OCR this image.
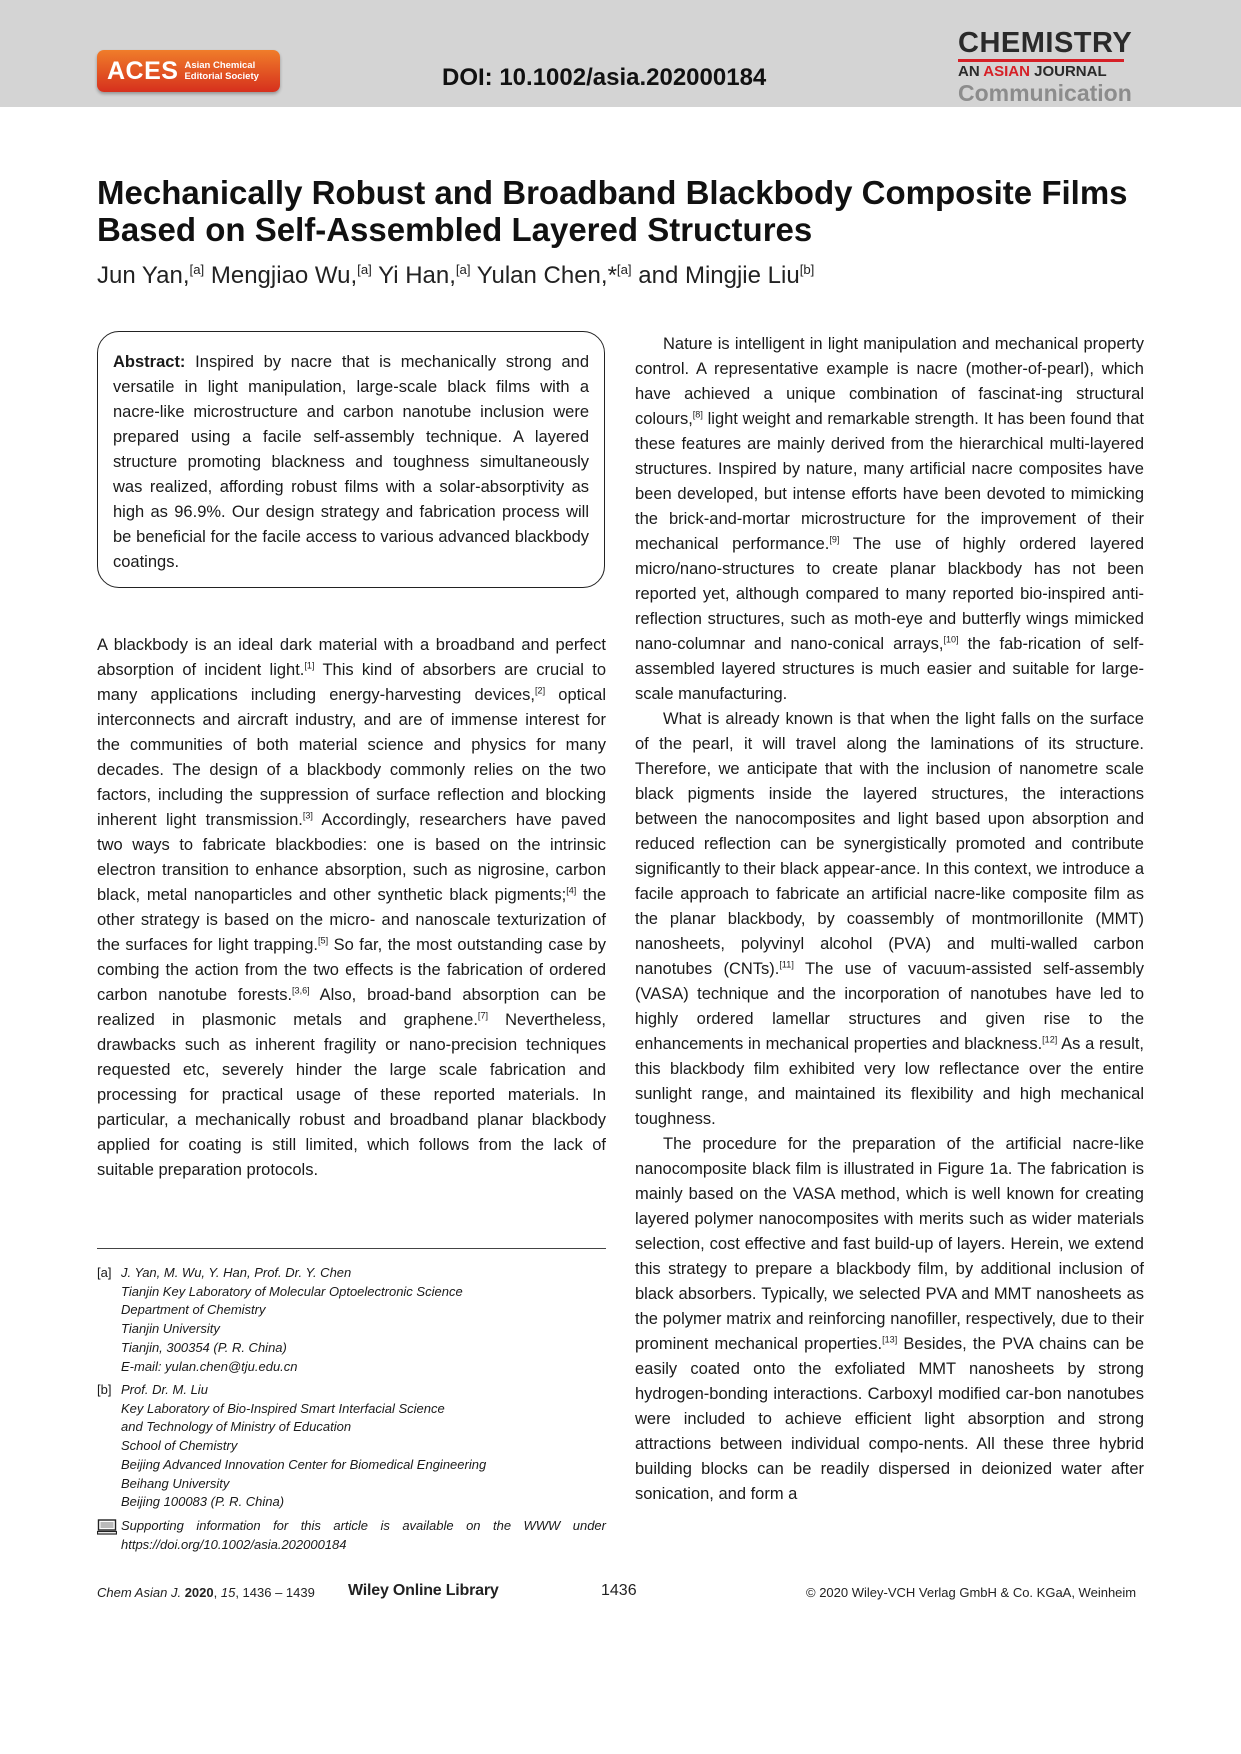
ACES Asian Chemical
Editorial Society	DOI: 10.1002/asia.202000184
CHEMISTRY
AN ASIAN JOURNAL
Communication
Mechanically Robust and Broadband Blackbody Composite Films
Based on Self-Assembled Layered Structures
Jun Yan,[a] Mengjiao Wu,[a] Yi Han,[a] Yulan Chen,*[a] and Mingjie Liu[b]

Abstract: Inspired by nacre that is mechanically strong and versatile in light manipulation, large-scale black films with a nacre-like microstructure and carbon nanotube inclusion were prepared using a facile self-assembly technique. A layered structure promoting blackness and toughness simultaneously was realized, affording robust films with a solar-absorptivity as high as 96.9%. Our design strategy and fabrication process will be beneficial for the facile access to various advanced blackbody coatings.

A blackbody is an ideal dark material with a broadband and perfect absorption of incident light.[1] This kind of absorbers are crucial to many applications including energy-harvesting devices,[2] optical interconnects and aircraft industry, and are of immense interest for the communities of both material science and physics for many decades. The design of a blackbody commonly relies on the two factors, including the suppression of surface reflection and blocking inherent light transmission.[3] Accordingly, researchers have paved two ways to fabricate blackbodies: one is based on the intrinsic electron transition to enhance absorption, such as nigrosine, carbon black, metal nanoparticles and other synthetic black pigments;[4] the other strategy is based on the micro- and nanoscale texturization of the surfaces for light trapping.[5] So far, the most outstanding case by combing the action from the two effects is the fabrication of ordered carbon nanotube forests.[3,6] Also, broad-band absorption can be realized in plasmonic metals and graphene.[7] Nevertheless, drawbacks such as inherent fragility or nano-precision techniques requested etc, severely hinder the large scale fabrication and processing for practical usage of these reported materials. In particular, a mechanically robust and broadband planar blackbody applied for coating is still limited, which follows from the lack of suitable preparation protocols.

Nature is intelligent in light manipulation and mechanical property control. A representative example is nacre (mother-of-pearl), which have achieved a unique combination of fascinat-ing structural colours,[8] light weight and remarkable strength. It has been found that these features are mainly derived from the hierarchical multi-layered structures. Inspired by nature, many artificial nacre composites have been developed, but intense efforts have been devoted to mimicking the brick-and-mortar microstructure for the improvement of their mechanical performance.[9] The use of highly ordered layered micro/nano-structures to create planar blackbody has not been reported yet, although compared to many reported bio-inspired anti-reflection structures, such as moth-eye and butterfly wings mimicked nano-columnar and nano-conical arrays,[10] the fab-rication of self-assembled layered structures is much easier and suitable for large-scale manufacturing.

What is already known is that when the light falls on the surface of the pearl, it will travel along the laminations of its structure. Therefore, we anticipate that with the inclusion of nanometre scale black pigments inside the layered structures, the interactions between the nanocomposites and light based upon absorption and reduced reflection can be synergistically promoted and contribute significantly to their black appear-ance. In this context, we introduce a facile approach to fabricate an artificial nacre-like composite film as the planar blackbody, by coassembly of montmorillonite (MMT) nanosheets, polyvinyl alcohol (PVA) and multi-walled carbon nanotubes (CNTs).[11] The use of vacuum-assisted self-assembly (VASA) technique and the incorporation of nanotubes have led to highly ordered lamellar structures and given rise to the enhancements in mechanical properties and blackness.[12] As a result, this blackbody film exhibited very low reflectance over the entire sunlight range, and maintained its flexibility and high mechanical toughness.

The procedure for the preparation of the artificial nacre-like nanocomposite black film is illustrated in Figure 1a. The fabrication is mainly based on the VASA method, which is well known for creating layered polymer nanocomposites with merits such as wider materials selection, cost effective and fast build-up of layers. Herein, we extend this strategy to prepare a blackbody film, by additional inclusion of black absorbers. Typically, we selected PVA and MMT nanosheets as the polymer matrix and reinforcing nanofiller, respectively, due to their prominent mechanical properties.[13] Besides, the PVA chains can be easily coated onto the exfoliated MMT nanosheets by strong hydrogen-bonding interactions. Carboxyl modified car-bon nanotubes were included to achieve efficient light absorption and strong attractions between individual compo-nents. All these three hybrid building blocks can be readily dispersed in deionized water after sonication, and form a

[a] J. Yan, M. Wu, Y. Han, Prof. Dr. Y. Chen
Tianjin Key Laboratory of Molecular Optoelectronic Science
Department of Chemistry
Tianjin University
Tianjin, 300354 (P. R. China)
E-mail: yulan.chen@tju.edu.cn
[b] Prof. Dr. M. Liu
Key Laboratory of Bio-Inspired Smart Interfacial Science
and Technology of Ministry of Education
School of Chemistry
Beijing Advanced Innovation Center for Biomedical Engineering
Beihang University
Beijing 100083 (P. R. China)
Supporting information for this article is available on the WWW under https://doi.org/10.1002/asia.202000184
Chem Asian J. 2020, 15, 1436 – 1439 Wiley Online Library	1436	© 2020 Wiley-VCH Verlag GmbH & Co. KGaA, Weinheim
